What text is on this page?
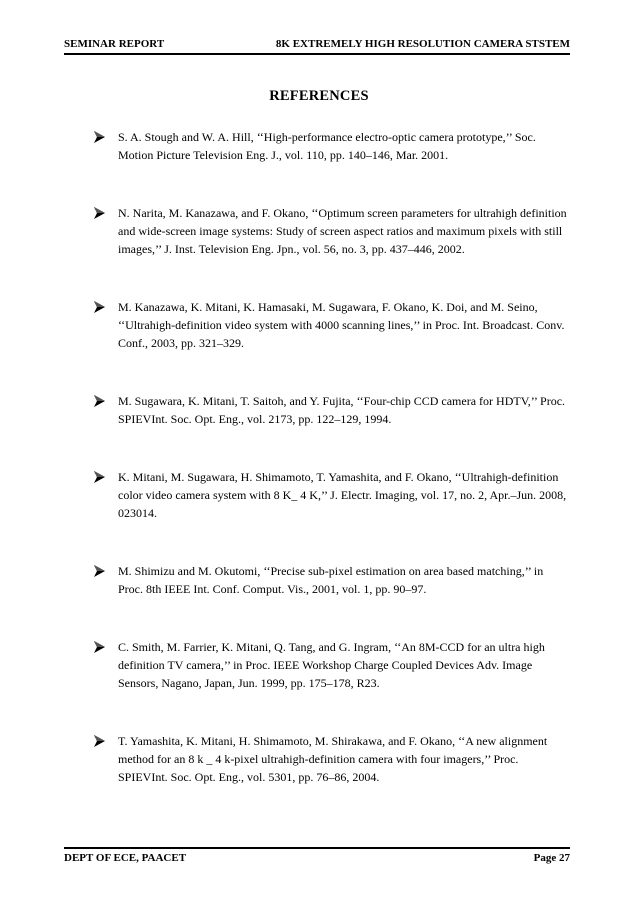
SEMINAR REPORT	8K EXTREMELY HIGH RESOLUTION CAMERA STSTEM
REFERENCES
S. A. Stough and W. A. Hill, ‘‘High-performance electro-optic camera prototype,’’ Soc. Motion Picture Television Eng. J., vol. 110, pp. 140–146, Mar. 2001.
N. Narita, M. Kanazawa, and F. Okano, ‘‘Optimum screen parameters for ultrahigh definition and wide-screen image systems: Study of screen aspect ratios and maximum pixels with still images,’’ J. Inst. Television Eng. Jpn., vol. 56, no. 3, pp. 437–446, 2002.
M. Kanazawa, K. Mitani, K. Hamasaki, M. Sugawara, F. Okano, K. Doi, and M. Seino, ‘‘Ultrahigh-definition video system with 4000 scanning lines,’’ in Proc. Int. Broadcast. Conv. Conf., 2003, pp. 321–329.
M. Sugawara, K. Mitani, T. Saitoh, and Y. Fujita, ‘‘Four-chip CCD camera for HDTV,’’ Proc. SPIEVInt. Soc. Opt. Eng., vol. 2173, pp. 122–129, 1994.
K. Mitani, M. Sugawara, H. Shimamoto, T. Yamashita, and F. Okano, ‘‘Ultrahigh-definition color video camera system with 8 K_ 4 K,’’ J. Electr. Imaging, vol. 17, no. 2, Apr.–Jun. 2008, 023014.
M. Shimizu and M. Okutomi, ‘‘Precise sub-pixel estimation on area based matching,’’ in Proc. 8th IEEE Int. Conf. Comput. Vis., 2001, vol. 1, pp. 90–97.
C. Smith, M. Farrier, K. Mitani, Q. Tang, and G. Ingram, ‘‘An 8M-CCD for an ultra high definition TV camera,’’ in Proc. IEEE Workshop Charge Coupled Devices Adv. Image Sensors, Nagano, Japan, Jun. 1999, pp. 175–178, R23.
T. Yamashita, K. Mitani, H. Shimamoto, M. Shirakawa, and F. Okano, ‘‘A new alignment method for an 8 k _ 4 k-pixel ultrahigh-definition camera with four imagers,’’ Proc. SPIEVInt. Soc. Opt. Eng., vol. 5301, pp. 76–86, 2004.
DEPT OF ECE, PAACET	Page 27
